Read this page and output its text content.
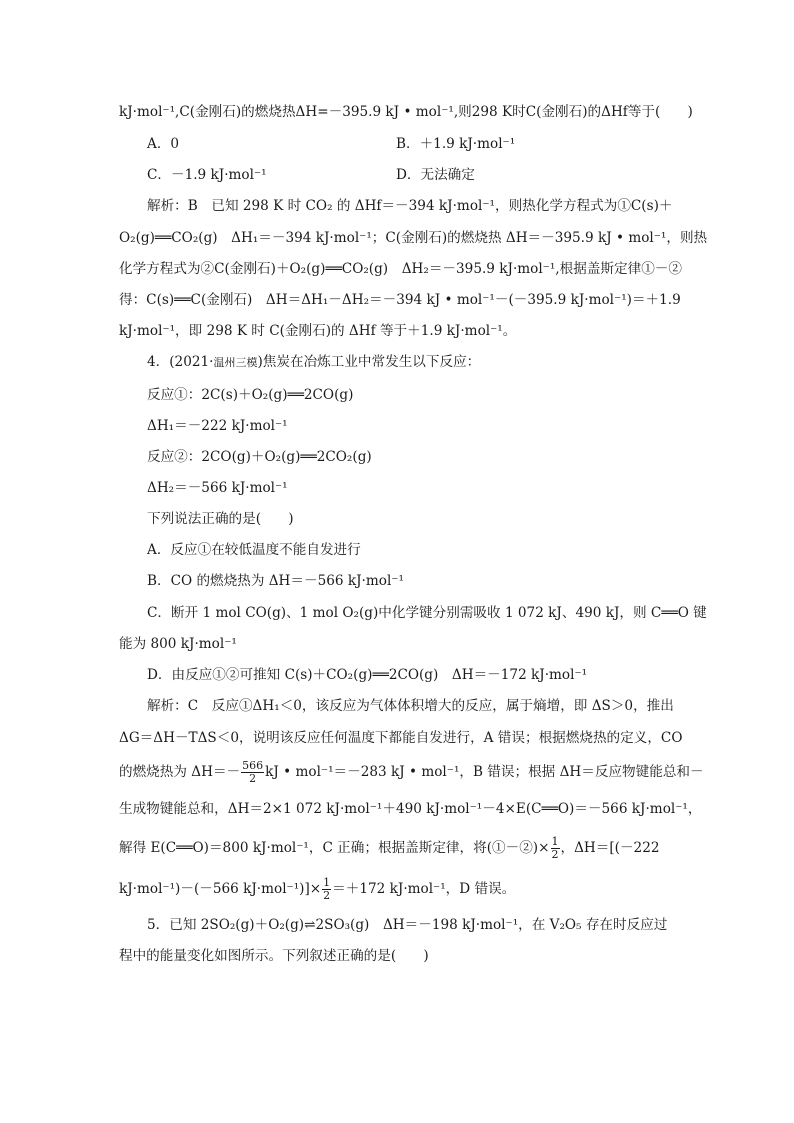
kJ·mol⁻¹,C(金刚石)的燃烧热ΔH=－395.9 kJ • mol⁻¹,则298 K时C(金刚石)的ΔHf等于(　　)
A．0	B．＋1.9 kJ·mol⁻¹
C．－1.9 kJ·mol⁻¹	D．无法确定
解析：B　已知 298 K 时 CO₂ 的 ΔHf＝－394 kJ·mol⁻¹，则热化学方程式为①C(s)＋
O₂(g)══CO₂(g)　ΔH₁＝－394 kJ·mol⁻¹；C(金刚石)的燃烧热 ΔH＝－395.9 kJ • mol⁻¹，则热
化学方程式为②C(金刚石)＋O₂(g)══CO₂(g)　ΔH₂＝－395.9 kJ·mol⁻¹,根据盖斯定律①－②
得：C(s)══C(金刚石)　ΔH＝ΔH₁－ΔH₂＝－394 kJ • mol⁻¹－(－395.9 kJ·mol⁻¹)＝＋1.9
kJ·mol⁻¹，即 298 K 时 C(金刚石)的 ΔHf 等于＋1.9 kJ·mol⁻¹。
4．(2021·温州三模)焦炭在冶炼工业中常发生以下反应：
反应①：2C(s)＋O₂(g)══2CO(g)
ΔH₁＝－222 kJ·mol⁻¹
反应②：2CO(g)＋O₂(g)══2CO₂(g)
ΔH₂＝－566 kJ·mol⁻¹
下列说法正确的是(　　)
A．反应①在较低温度不能自发进行
B．CO 的燃烧热为 ΔH＝－566 kJ·mol⁻¹
C．断开 1 mol CO(g)、1 mol O₂(g)中化学键分别需吸收 1 072 kJ、490 kJ，则 C══O 键
能为 800 kJ·mol⁻¹
D．由反应①②可推知 C(s)＋CO₂(g)══2CO(g)　ΔH＝－172 kJ·mol⁻¹
解析：C　反应①ΔH₁＜0，该反应为气体体积增大的反应，属于熵增，即 ΔS＞0，推出
ΔG＝ΔH－TΔS＜0，说明该反应任何温度下都能自发进行，A 错误；根据燃烧热的定义，CO
的燃烧热为 $\Delta H=- \frac{566}{2}$ kJ • mol⁻¹＝－283 kJ • mol⁻¹，B 错误；根据 ΔH＝反应物键能总和－
生成物键能总和，ΔH＝2×1 072 kJ·mol⁻¹＋490 kJ·mol⁻¹－4×E(C══O)＝－566 kJ·mol⁻¹，
解得 E(C══O)＝800 kJ·mol⁻¹，C 正确；根据盖斯定律，将(①－②)× $\frac{1}{2}$ ，ΔH＝[(－222
kJ·mol⁻¹)－(－566 $kJ\cdot mol^{-1})]\times \frac{1}{2} =+172$ kJ·mol⁻¹，D 错误。
5．已知 2SO₂(g)＋O₂(g)⇌2SO₃(g)　ΔH＝－198 kJ·mol⁻¹，在 V₂O₅ 存在时反应过
程中的能量变化如图所示。下列叙述正确的是(　　)
